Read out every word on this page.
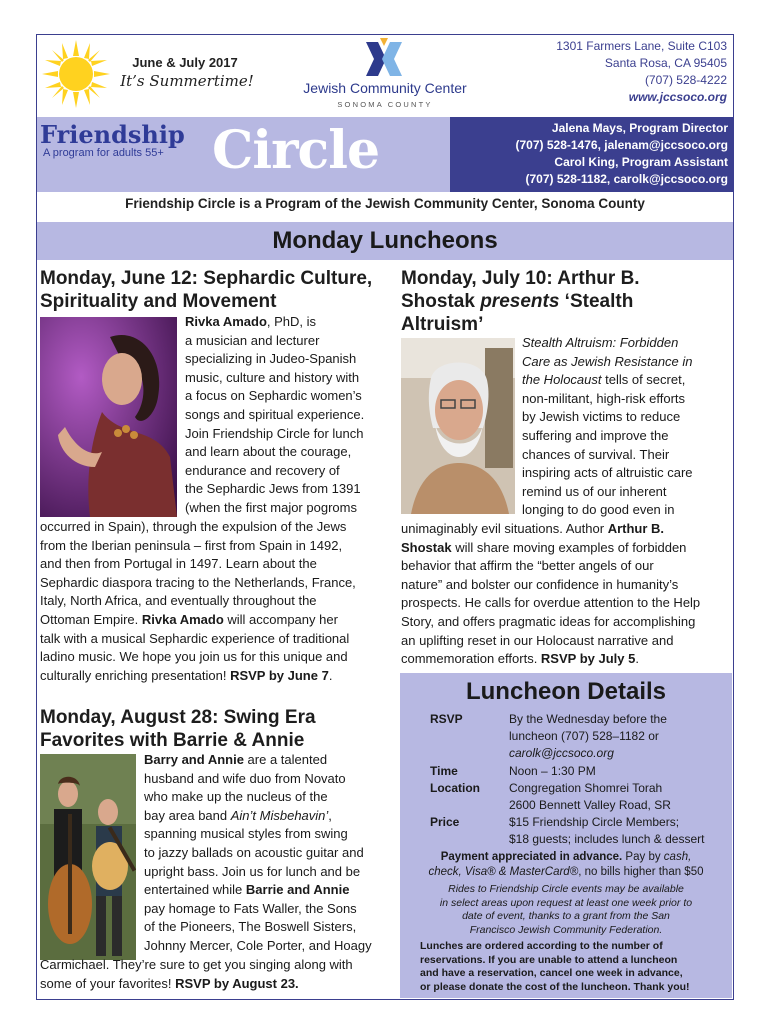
June & July 2017
It’s Summertime!	Jewish Community Center
SONOMA COUNTY
1301 Farmers Lane, Suite C103
Santa Rosa, CA 95405
(707) 528-4222
www.jccsoco.org
Friendship
A program for adults 55+ Circle	Jalena Mays, Program Director
(707) 528-1476, jalenam@jccsoco.org
Carol King, Program Assistant
(707) 528-1182, carolk@jccsoco.org
Friendship Circle is a Program of the Jewish Community Center, Sonoma County
Monday Luncheons
Monday, June 12: Sephardic Culture,
Spirituality and Movement
Rivka Amado, PhD, is
a musician and lecturer
specializing in Judeo-Spanish
music, culture and history with
a focus on Sephardic women’s
songs and spiritual experience.
Join Friendship Circle for lunch
and learn about the courage,
endurance and recovery of
the Sephardic Jews from 1391
(when the first major pogroms
occurred in Spain), through the expulsion of the Jews
from the Iberian peninsula – first from Spain in 1492,
and then from Portugal in 1497. Learn about the
Sephardic diaspora tracing to the Netherlands, France,
Italy, North Africa, and eventually throughout the
Ottoman Empire. Rivka Amado will accompany her
talk with a musical Sephardic experience of traditional
ladino music. We hope you join us for this unique and
culturally enriching presentation! RSVP by June 7.
Monday, July 10: Arthur B.
Shostak presents ‘Stealth
Altruism’
Stealth Altruism: Forbidden
Care as Jewish Resistance in
the Holocaust tells of secret,
non-militant, high-risk efforts
by Jewish victims to reduce
suffering and improve the
chances of survival. Their
inspiring acts of altruistic care
remind us of our inherent
longing to do good even in
unimaginably evil situations. Author Arthur B.
Shostak will share moving examples of forbidden
behavior that affirm the “better angels of our
nature” and bolster our confidence in humanity’s
prospects. He calls for overdue attention to the Help
Story, and offers pragmatic ideas for accomplishing
an uplifting reset in our Holocaust narrative and
commemoration efforts. RSVP by July 5.
Monday, August 28: Swing Era
Favorites with Barrie & Annie
Barry and Annie are a talented
husband and wife duo from Novato
who make up the nucleus of the
bay area band Ain’t Misbehavin’,
spanning musical styles from swing
to jazzy ballads on acoustic guitar and
upright bass. Join us for lunch and be
entertained while Barrie and Annie
pay homage to Fats Waller, the Sons
of the Pioneers, The Boswell Sisters,
Johnny Mercer, Cole Porter, and Hoagy
Carmichael. They’re sure to get you singing along with
some of your favorites! RSVP by August 23.
Luncheon Details
RSVP	By the Wednesday before the
luncheon (707) 528–1182 or
carolk@jccsoco.org
Time	Noon – 1:30 PM
Location Congregation Shomrei Torah
2600 Bennett Valley Road, SR
Price	$15 Friendship Circle Members;
$18 guests; includes lunch & dessert
Payment appreciated in advance. Pay by cash,
check, Visa® & MasterCard®, no bills higher than $50
Rides to Friendship Circle events may be available
in select areas upon request at least one week prior to
date of event, thanks to a grant from the San
Francisco Jewish Community Federation.
Lunches are ordered according to the number of
reservations. If you are unable to attend a luncheon
and have a reservation, cancel one week in advance,
or please donate the cost of the luncheon. Thank you!
